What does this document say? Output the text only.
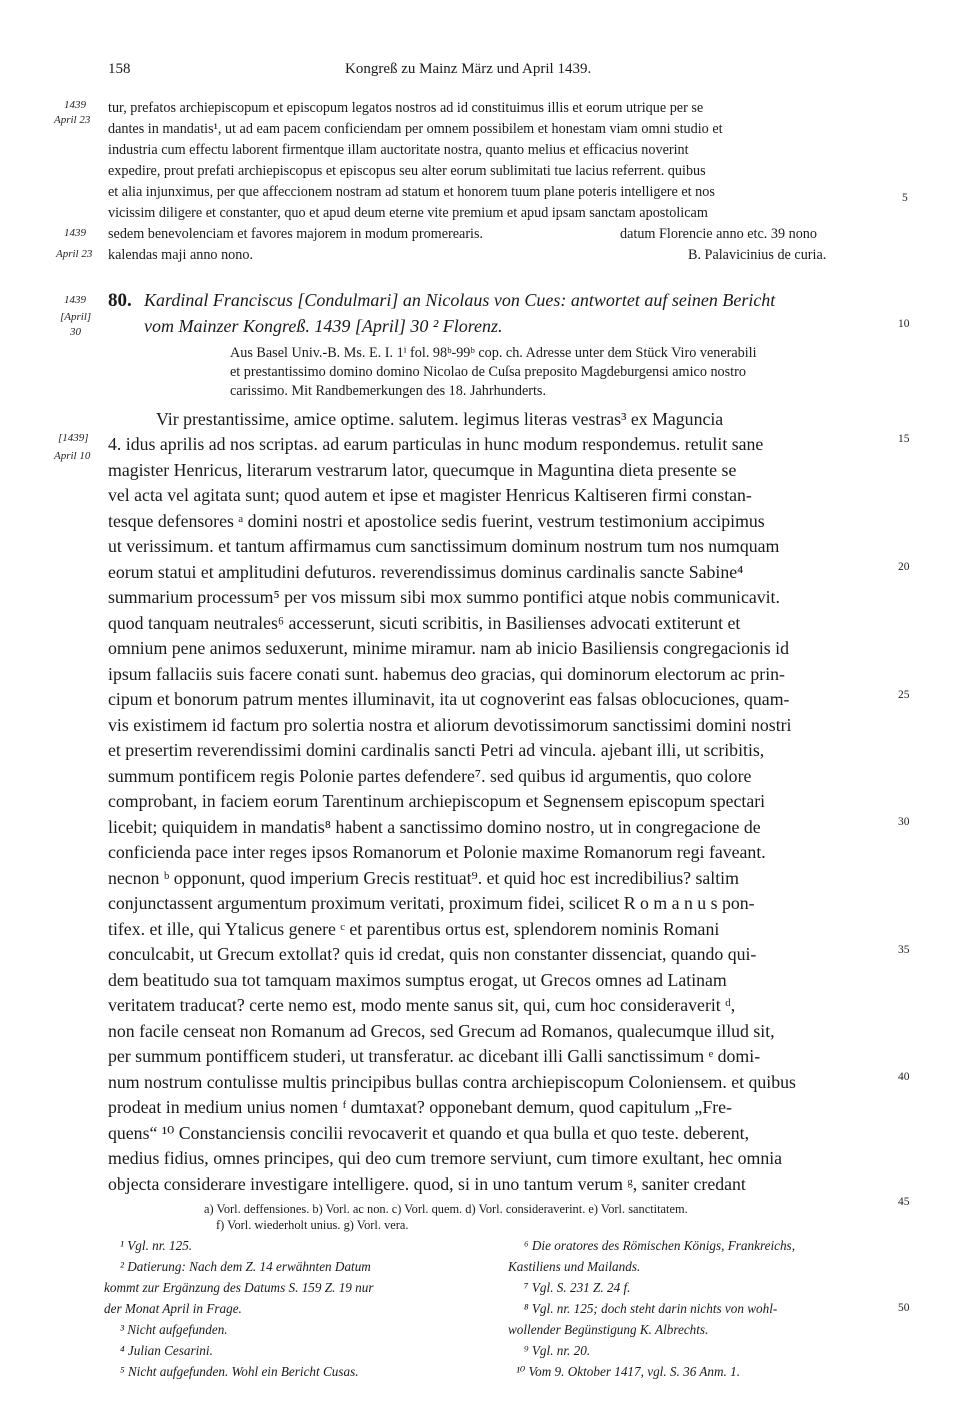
158	Kongreß zu Mainz März und April 1439.
1439
April 23
1439
April 23
1439
[April]
30
[1439]
April 10
5
10
15
20
25
30
35
40
45
50
tur, prefatos archiepiscopum et episcopum legatos nostros ad id constituimus illis et eorum utrique per se
dantes in mandatis¹, ut ad eam pacem conficiendam per omnem possibilem et honestam viam omni studio et
industria cum effectu laborent firmentque illam auctoritate nostra, quanto melius et efficacius noverint
expedire, prout prefati archiepiscopus et episcopus seu alter eorum sublimitati tue lacius referrent. quibus
et alia injunximus, per que affeccionem nostram ad statum et honorem tuum plane poteris intelligere et nos
vicissim diligere et constanter, quo et apud deum eterne vite premium et apud ipsam sanctam apostolicam
sedem benevolenciam et favores majorem in modum promerearis.	datum Florencie anno etc. 39 nono
kalendas maji anno nono.	B. Palavicinius de curia.
80. Kardinal Franciscus [Condulmari] an Nicolaus von Cues: antwortet auf seinen Bericht
vom Mainzer Kongreß. 1439 [April] 30 ² Florenz.
Aus Basel Univ.-B. Ms. E. I. 1ⁱ fol. 98ᵇ-99ᵇ cop. ch. Adresse unter dem Stück Viro venerabili
et prestantissimo domino domino Nicolao de Cuſsa preposito Magdeburgensi amico nostro
carissimo. Mit Randbemerkungen des 18. Jahrhunderts.
Vir prestantissime, amice optime. salutem. legimus literas vestras³ ex Maguncia
4. idus aprilis ad nos scriptas. ad earum particulas in hunc modum respondemus. retulit sane
magister Henricus, literarum vestrarum lator, quecumque in Maguntina dieta presente se
vel acta vel agitata sunt; quod autem et ipse et magister Henricus Kaltiseren firmi constan-
tesque defensores ᵃ domini nostri et apostolice sedis fuerint, vestrum testimonium accipimus
ut verissimum. et tantum affirmamus cum sanctissimum dominum nostrum tum nos numquam
eorum statui et amplitudini defuturos. reverendissimus dominus cardinalis sancte Sabine⁴
summarium processum⁵ per vos missum sibi mox summo pontifici atque nobis communicavit.
quod tanquam neutrales⁶ accesserunt, sicuti scribitis, in Basilienses advocati extiterunt et
omnium pene animos seduxerunt, minime miramur. nam ab inicio Basiliensis congregacionis id
ipsum fallaciis suis facere conati sunt. habemus deo gracias, qui dominorum electorum ac prin-
cipum et bonorum patrum mentes illuminavit, ita ut cognoverint eas falsas oblocuciones, quam-
vis existimem id factum pro solertia nostra et aliorum devotissimorum sanctissimi domini nostri
et presertim reverendissimi domini cardinalis sancti Petri ad vincula. ajebant illi, ut scribitis,
summum pontificem regis Polonie partes defendere⁷. sed quibus id argumentis, quo colore
comprobant, in faciem eorum Tarentinum archiepiscopum et Segnensem episcopum spectari
licebit; quiquidem in mandatis⁸ habent a sanctissimo domino nostro, ut in congregacione de
conficienda pace inter reges ipsos Romanorum et Polonie maxime Romanorum regi faveant.
necnon ᵇ opponunt, quod imperium Grecis restituat⁹. et quid hoc est incredibilius? saltim
conjunctassent argumentum proximum veritati, proximum fidei, scilicet R o m a n u s pon-
tifex. et ille, qui Ytalicus genere ᶜ et parentibus ortus est, splendorem nominis Romani
conculcabit, ut Grecum extollat? quis id credat, quis non constanter dissenciat, quando qui-
dem beatitudo sua tot tamquam maximos sumptus erogat, ut Grecos omnes ad Latinam
veritatem traducat? certe nemo est, modo mente sanus sit, qui, cum hoc consideraverit ᵈ,
non facile censeat non Romanum ad Grecos, sed Grecum ad Romanos, qualecumque illud sit,
per summum pontifficem studeri, ut transferatur. ac dicebant illi Galli sanctissimum ᵉ domi-
num nostrum contulisse multis principibus bullas contra archiepiscopum Coloniensem. et quibus
prodeat in medium unius nomen ᶠ dumtaxat? opponebant demum, quod capitulum „Fre-
quens“ ¹⁰ Constanciensis concilii revocaverit et quando et qua bulla et quo teste. deberent,
medius fidius, omnes principes, qui deo cum tremore serviunt, cum timore exultant, hec omnia
objecta considerare investigare intelligere. quod, si in uno tantum verum ᵍ, saniter credant
a) Vorl. deffensiones. b) Vorl. ac non. c) Vorl. quem. d) Vorl. consideraverint. e) Vorl. sanctitatem.
f) Vorl. wiederholt unius. g) Vorl. vera.
¹ Vgl. nr. 125.
² Datierung: Nach dem Z. 14 erwähnten Datum
kommt zur Ergänzung des Datums S. 159 Z. 19 nur
der Monat April in Frage.
³ Nicht aufgefunden.
⁴ Julian Cesarini.
⁵ Nicht aufgefunden. Wohl ein Bericht Cusas.
⁶ Die oratores des Römischen Königs, Frankreichs,
Kastiliens und Mailands.
⁷ Vgl. S. 231 Z. 24 f.
⁸ Vgl. nr. 125; doch steht darin nichts von wohl-
wollender Begünstigung K. Albrechts.
⁹ Vgl. nr. 20.
¹⁰ Vom 9. Oktober 1417, vgl. S. 36 Anm. 1.
